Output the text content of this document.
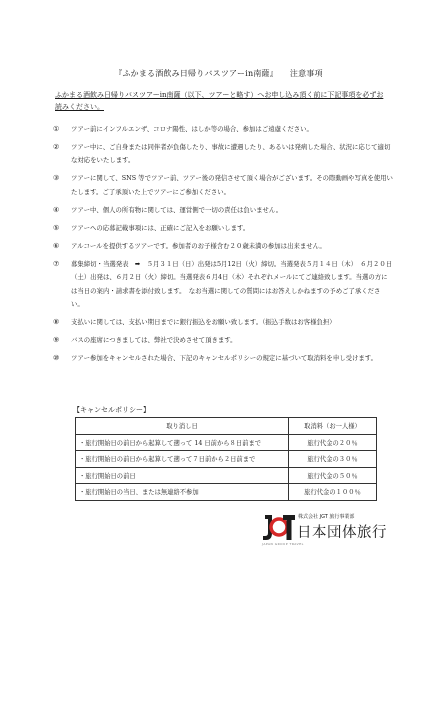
『ふかまる酒飲み日帰りバスツアーin南薩』 注意事項
ふかまる酒飲み日帰りバスツアーin南薩（以下、ツアーと略す）へお申し込み頂く前に下記事項を必ずお読みください。
①	ツアー前にインフルエンザ、コロナ陽性、はしか等の場合、参加はご遠慮ください。
②	ツアー中に、ご自身または同伴者が負傷したり、事故に遭遇したり、あるいは発病した場合、状況に応じて適切な対応をいたします。
③	ツアーに関して、SNS 等でツアー前、ツアー後の発信させて頂く場合がございます。その際動画や写真を使用いたします。ご了承頂いた上でツアーにご参加ください。
④	ツアー中、個人の所有物に関しては、運営側で一切の責任は負いません。
⑤	ツアーへの応募記載事項には、正確にご記入をお願いします。
⑥	アルコールを提供するツアーです。参加者のお子様含む２０歳未満の参加は出来ません。
⑦	募集締切・当選発表　➡　５月３１日（日）出発は5月12日（火）締切。当選発表５月１４日（木）　６月２０日（土）出発は、６月２日（火）締切。当選発表６月4日（木）それぞれメールにてご連絡致します。当選の方には当日の案内・請求書を添付致します。　なお当選に関しての質問にはお答えしかねますの予めご了承ください。
⑧	支払いに関しては、支払い期日までに銀行振込をお願い致します。（振込手数はお客様負担）
⑨	バスの座席につきましては、弊社で決めさせて頂きます。
⑩	ツアー参加をキャンセルされた場合、下記のキャンセルポリシーの規定に基づいて取消料を申し受けます。
【キャンセルポリシー】
取り消し日	取消料（お一人様）
・旅行開始日の前日から起算して遡って 14 日前から８日前まで	旅行代金の２０％
・旅行開始日の前日から起算して遡って７日前から２日前まで	旅行代金の３０％
・旅行開始日の前日	旅行代金の５０％
・旅行開始日の当日、または無連絡不参加	旅行代金の１００％
株式会社 JGT 旅行事業部
日本団体旅行
JAPAN GROUP TRAVEL
